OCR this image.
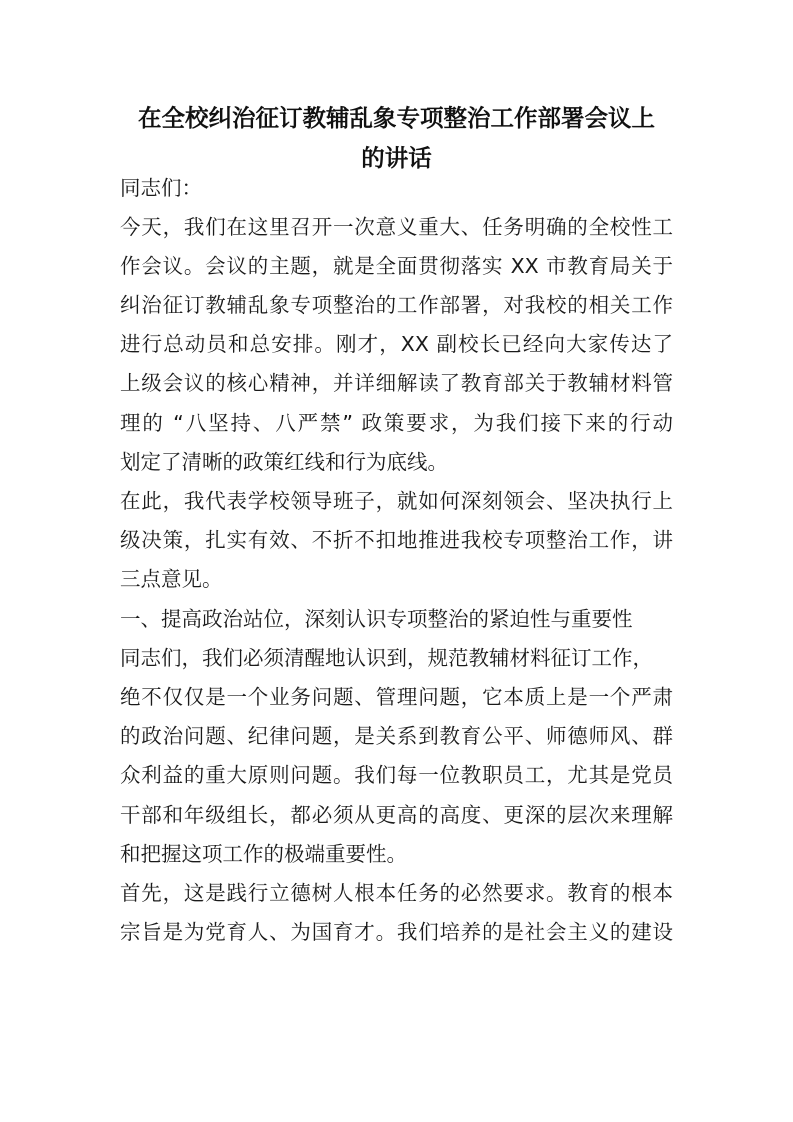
在全校纠治征订教辅乱象专项整治工作部署会议上
的讲话
同志们：
今天，我们在这里召开一次意义重大、任务明确的全校性工
作会议。会议的主题，就是全面贯彻落实 XX 市教育局关于
纠治征订教辅乱象专项整治的工作部署，对我校的相关工作
进行总动员和总安排。刚才，XX 副校长已经向大家传达了
上级会议的核心精神，并详细解读了教育部关于教辅材料管
理的 “八坚持、八严禁” 政策要求，为我们接下来的行动
划定了清晰的政策红线和行为底线。
在此，我代表学校领导班子，就如何深刻领会、坚决执行上
级决策，扎实有效、不折不扣地推进我校专项整治工作，讲
三点意见。
一、提高政治站位，深刻认识专项整治的紧迫性与重要性
同志们，我们必须清醒地认识到，规范教辅材料征订工作，
绝不仅仅是一个业务问题、管理问题，它本质上是一个严肃
的政治问题、纪律问题，是关系到教育公平、师德师风、群
众利益的重大原则问题。我们每一位教职员工，尤其是党员
干部和年级组长，都必须从更高的高度、更深的层次来理解
和把握这项工作的极端重要性。
首先，这是践行立德树人根本任务的必然要求。教育的根本
宗旨是为党育人、为国育才。我们培养的是社会主义的建设
